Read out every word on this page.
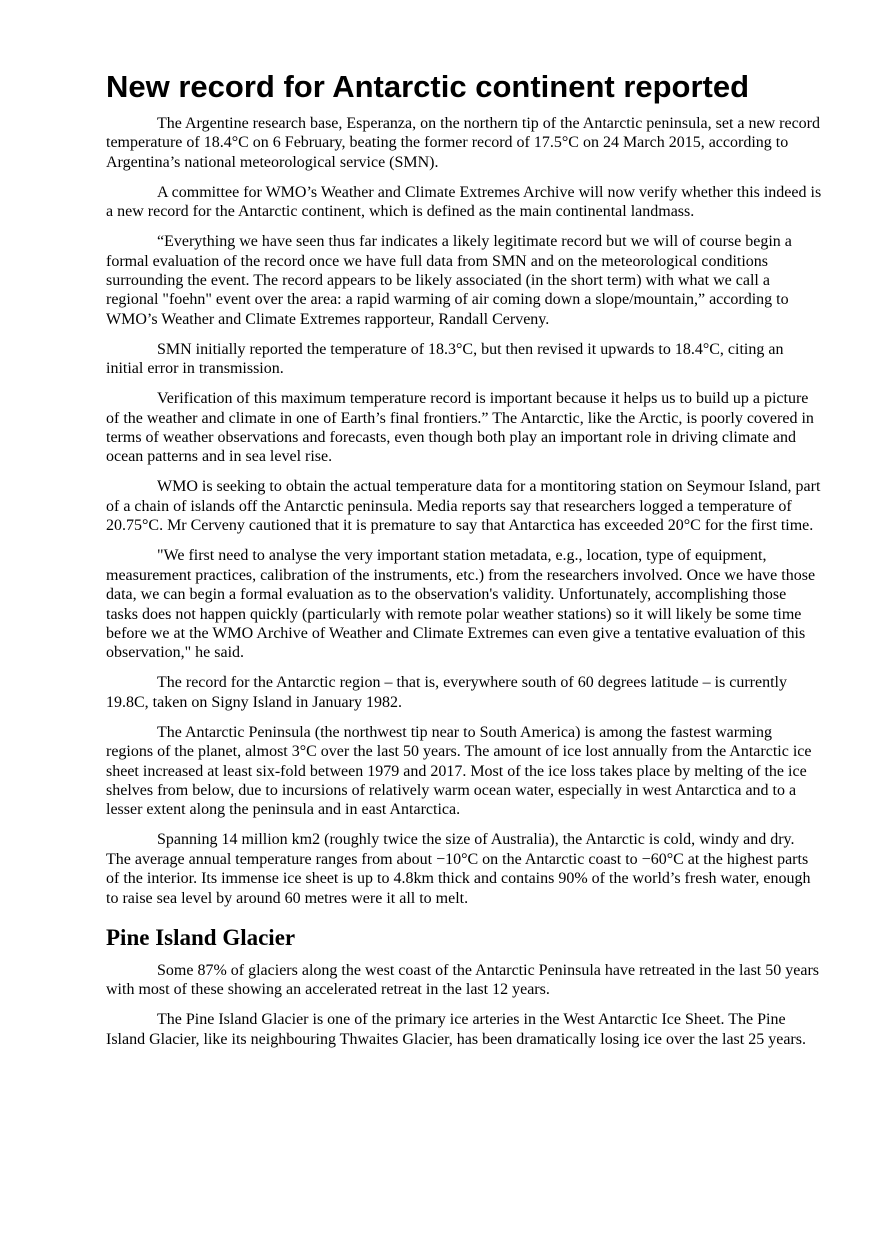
New record for Antarctic continent reported

The Argentine research base, Esperanza, on the northern tip of the Antarctic peninsula, set a new record temperature of 18.4°C on 6 February, beating the former record of 17.5°C on 24 March 2015, according to Argentina’s national meteorological service (SMN).

A committee for WMO’s Weather and Climate Extremes Archive will now verify whether this indeed is a new record for the Antarctic continent, which is defined as the main continental landmass.

“Everything we have seen thus far indicates a likely legitimate record but we will of course begin a formal evaluation of the record once we have full data from SMN and on the meteorological conditions surrounding the event. The record appears to be likely associated (in the short term) with what we call a regional "foehn" event over the area: a rapid warming of air coming down a slope/mountain,” according to WMO’s Weather and Climate Extremes rapporteur, Randall Cerveny.

SMN initially reported the temperature of 18.3°C, but then revised it upwards to 18.4°C, citing an initial error in transmission.

Verification of this maximum temperature record is important because it helps us to build up a picture of the weather and climate in one of Earth’s final frontiers.” The Antarctic, like the Arctic, is poorly covered in terms of weather observations and forecasts, even though both play an important role in driving climate and ocean patterns and in sea level rise.

WMO is seeking to obtain the actual temperature data for a montitoring station on Seymour Island, part of a chain of islands off the Antarctic peninsula. Media reports say that researchers logged a temperature of 20.75°C. Mr Cerveny cautioned that it is premature to say that Antarctica has exceeded 20°C for the first time.

"We first need to analyse the very important station metadata, e.g., location, type of equipment, measurement practices, calibration of the instruments, etc.) from the researchers involved. Once we have those data, we can begin a formal evaluation as to the observation's validity. Unfortunately, accomplishing those tasks does not happen quickly (particularly with remote polar weather stations) so it will likely be some time before we at the WMO Archive of Weather and Climate Extremes can even give a tentative evaluation of this observation," he said.

The record for the Antarctic region – that is, everywhere south of 60 degrees latitude – is currently 19.8C, taken on Signy Island in January 1982.

The Antarctic Peninsula (the northwest tip near to South America) is among the fastest warming regions of the planet, almost 3°C over the last 50 years. The amount of ice lost annually from the Antarctic ice sheet increased at least six-fold between 1979 and 2017. Most of the ice loss takes place by melting of the ice shelves from below, due to incursions of relatively warm ocean water, especially in west Antarctica and to a lesser extent along the peninsula and in east Antarctica.

Spanning 14 million km2 (roughly twice the size of Australia), the Antarctic is cold, windy and dry. The average annual temperature ranges from about −10°C on the Antarctic coast to −60°C at the highest parts of the interior. Its immense ice sheet is up to 4.8km thick and contains 90% of the world’s fresh water, enough to raise sea level by around 60 metres were it all to melt.

Pine Island Glacier

Some 87% of glaciers along the west coast of the Antarctic Peninsula have retreated in the last 50 years with most of these showing an accelerated retreat in the last 12 years.

The Pine Island Glacier is one of the primary ice arteries in the West Antarctic Ice Sheet. The Pine Island Glacier, like its neighbouring Thwaites Glacier, has been dramatically losing ice over the last 25 years.
